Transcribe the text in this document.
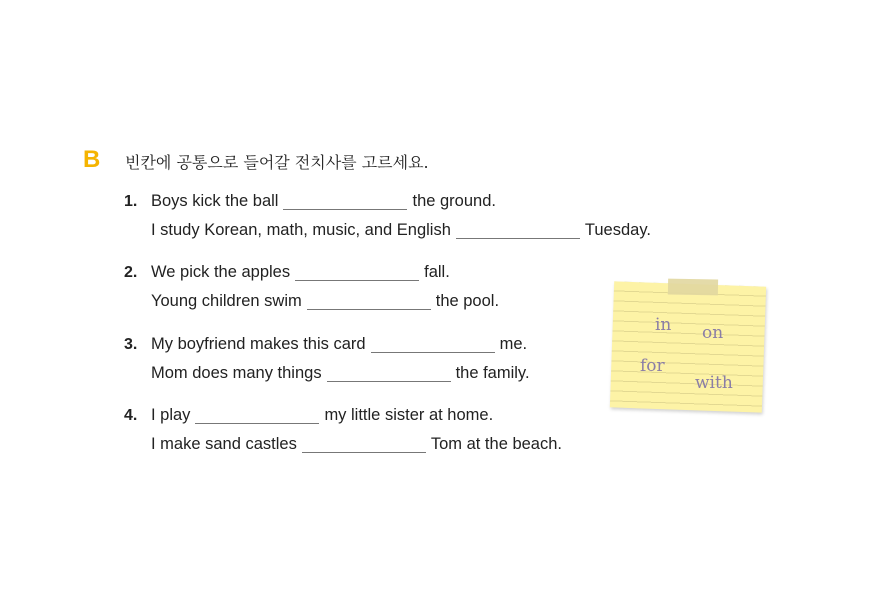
B 빈칸에 공통으로 들어갈 전치사를 고르세요.
1. Boys kick the ball	the ground.
I study Korean, math, music, and English	Tuesday.
2. We pick the apples	fall.
Young children swim	the pool.
3. My boyfriend makes this card	me.
Mom does many things	the family.
4. I play	my little sister at home.
I make sand castles	Tom at the beach.
in on
for
with
